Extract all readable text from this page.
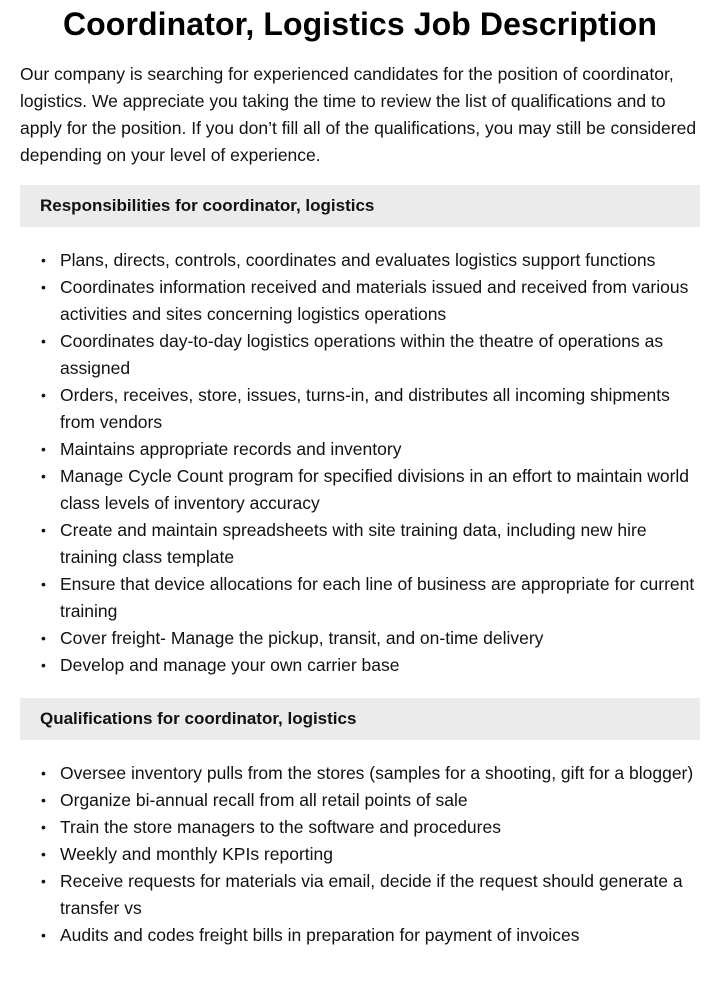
Coordinator, Logistics Job Description

Our company is searching for experienced candidates for the position of coordinator, logistics. We appreciate you taking the time to review the list of qualifications and to apply for the position. If you don’t fill all of the qualifications, you may still be considered depending on your level of experience.

Responsibilities for coordinator, logistics
• Plans, directs, controls, coordinates and evaluates logistics support functions
• Coordinates information received and materials issued and received from various activities and sites concerning logistics operations
• Coordinates day-to-day logistics operations within the theatre of operations as assigned
• Orders, receives, store, issues, turns-in, and distributes all incoming shipments from vendors
• Maintains appropriate records and inventory
• Manage Cycle Count program for specified divisions in an effort to maintain world class levels of inventory accuracy
• Create and maintain spreadsheets with site training data, including new hire training class template
• Ensure that device allocations for each line of business are appropriate for current training
• Cover freight- Manage the pickup, transit, and on-time delivery
• Develop and manage your own carrier base
Qualifications for coordinator, logistics
• Oversee inventory pulls from the stores (samples for a shooting, gift for a blogger)
• Organize bi-annual recall from all retail points of sale
• Train the store managers to the software and procedures
• Weekly and monthly KPIs reporting
• Receive requests for materials via email, decide if the request should generate a transfer vs
• Audits and codes freight bills in preparation for payment of invoices
